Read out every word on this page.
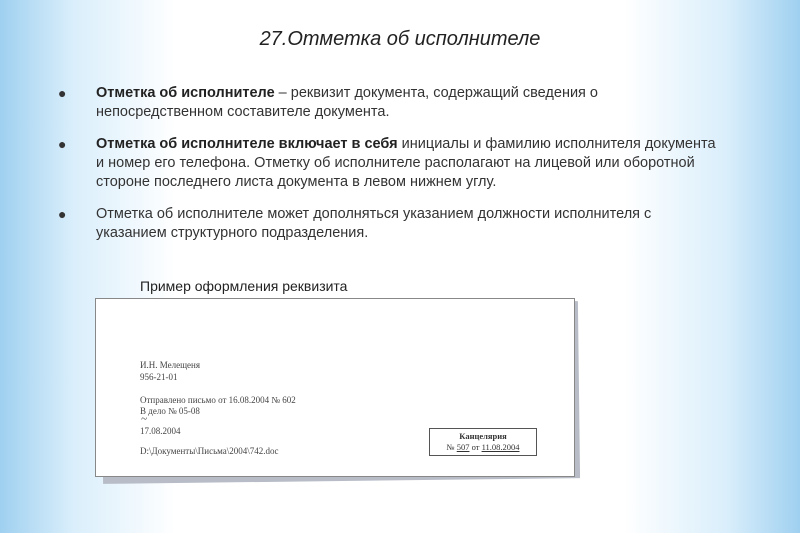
27.Отметка об исполнителе
● Отметка об исполнителе – реквизит документа, содержащий сведения о непосредственном составителе документа.
● Отметка об исполнителе включает в себя инициалы и фамилию исполнителя документа и номер его телефона. Отметку об исполнителе располагают на лицевой или оборотной стороне последнего листа документа в левом нижнем углу.
● Отметка об исполнителе может дополняться указанием должности исполнителя с указанием структурного подразделения.
Пример оформления реквизита
И.Н. Мелещеня
956-21-01
Отправлено письмо от 16.08.2004 № 602
В дело № 05-08
~
17.08.2004
D:\Документы\Письма\2004\742.doc
Канцелярия
№ 507 от 11.08.2004
